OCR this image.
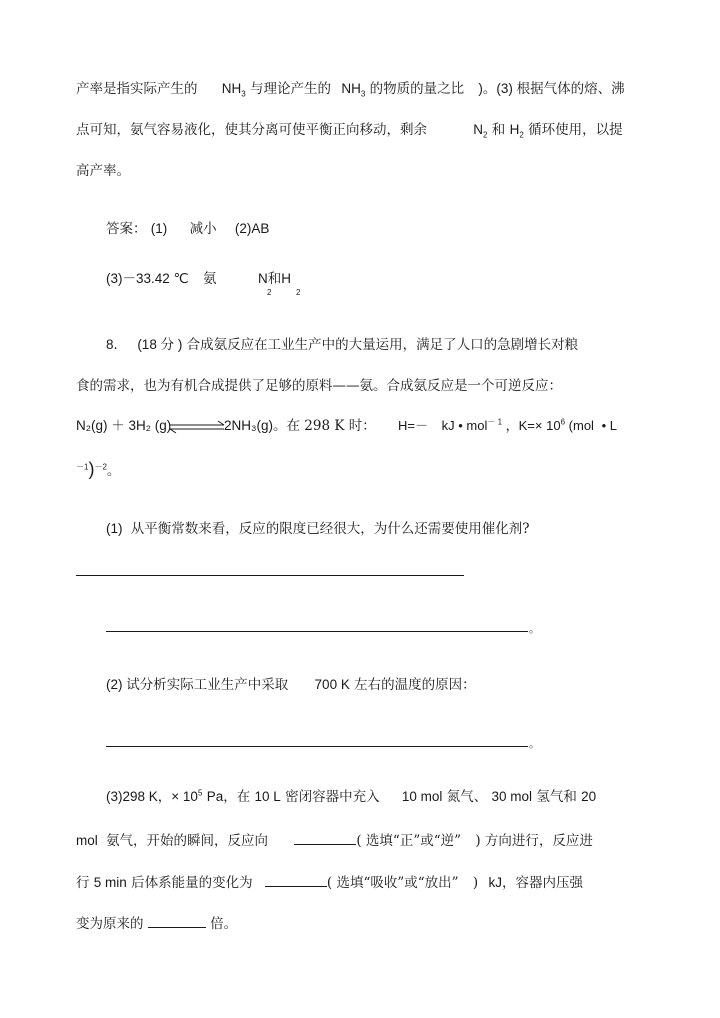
产率是指实际产生的 $NH_3$ 与理论产生的 $NH_3$ 的物质的量之比 )。(3) 根据气体的熔、沸
点可知，氨气容易液化，使其分离可使平衡正向移动，剩余	$N_2$ 和 $H_2$ 循环使用，以提
高产率。
答案： (1) 减小 (2)AB
(3)－33.42 ℃ 氨	N和H
2	2
8． (18 分 ) 合成氨反应在工业生产中的大量运用，满足了人口的急剧增长对粮
食的需求，也为有机合成提供了足够的原料——氨。合成氨反应是一个可逆反应：
N₂(g) ＋ 3H₂ (g)	2NH₃(g)。在 298 K 时： H=－ kJ • mol$^{- 1}$ ，$K=\times 10^6$ (mol • L
$^{-1}$)$^{-2}$。
(1) 从平衡常数来看，反应的限度已经很大，为什么还需要使用催化剂?
。
(2) 试分析实际工业生产中采取 700 K 左右的温度的原因：
。
(3)298 K，× $10^5$ Pa，在 10 L 密闭容器中充入 10 mol 氮气、 30 mol 氢气和 20
mol 氨气，开始的瞬间，反应向	( 选填“正”或“逆” ) 方向进行，反应进
行 5 min 后体系能量的变化为	( 选填“吸收”或“放出” ) kJ，容器内压强
变为原来的	倍。
